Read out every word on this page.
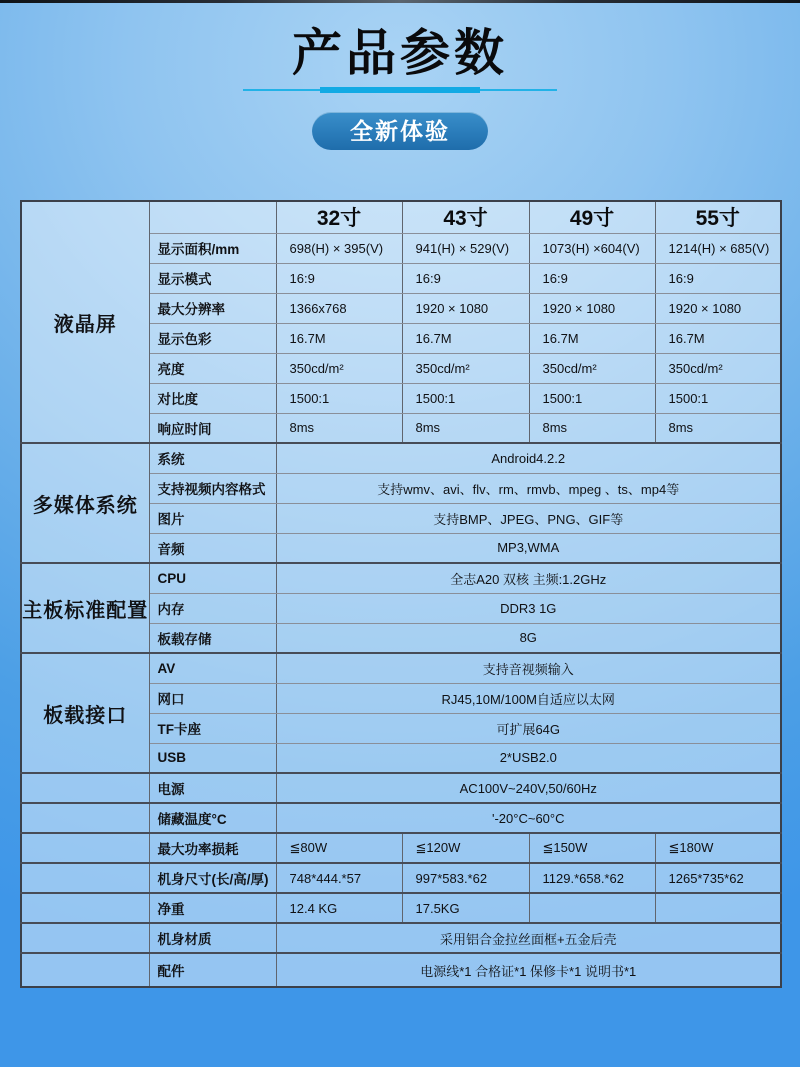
产品参数
全新体验
液晶屏		32寸	43寸	49寸	55寸
	显示面积/mm	698(H) × 395(V)	941(H) × 529(V)	1073(H) ×604(V)	1214(H) × 685(V)
	显示模式	16:9	16:9	16:9	16:9
	最大分辨率	1366x768	1920 × 1080	1920 × 1080	1920 × 1080
	显示色彩	16.7M	16.7M	16.7M	16.7M
	亮度	350cd/m²	350cd/m²	350cd/m²	350cd/m²
	对比度	1500:1	1500:1	1500:1	1500:1
	响应时间	8ms	8ms	8ms	8ms
多媒体系统	系统	Android4.2.2			
	支持视频内容格式	支持wmv、avi、flv、rm、rmvb、mpeg 、ts、mp4等			
	图片	支持BMP、JPEG、PNG、GIF等			
	音频	MP3,WMA			
主板标准配置	CPU	全志A20 双核 主频:1.2GHz			
	内存	DDR3 1G			
	板载存储	8G			
板载接口	AV	支持音视频输入			
	网口	RJ45,10M/100M自适应以太网			
	TF卡座	可扩展64G			
	USB	2*USB2.0			
	电源	AC100V~240V,50/60Hz			
	储藏温度°C	'-20°C~60°C			
	最大功率损耗	≦80W	≦120W	≦150W	≦180W
	机身尺寸(长/高/厚)	748*444.*57	997*583.*62	1129.*658.*62	1265*735*62
	净重	12.4 KG	17.5KG		
	机身材质	采用铝合金拉丝面框+五金后壳			
	配件	电源线*1 合格证*1 保修卡*1 说明书*1			
